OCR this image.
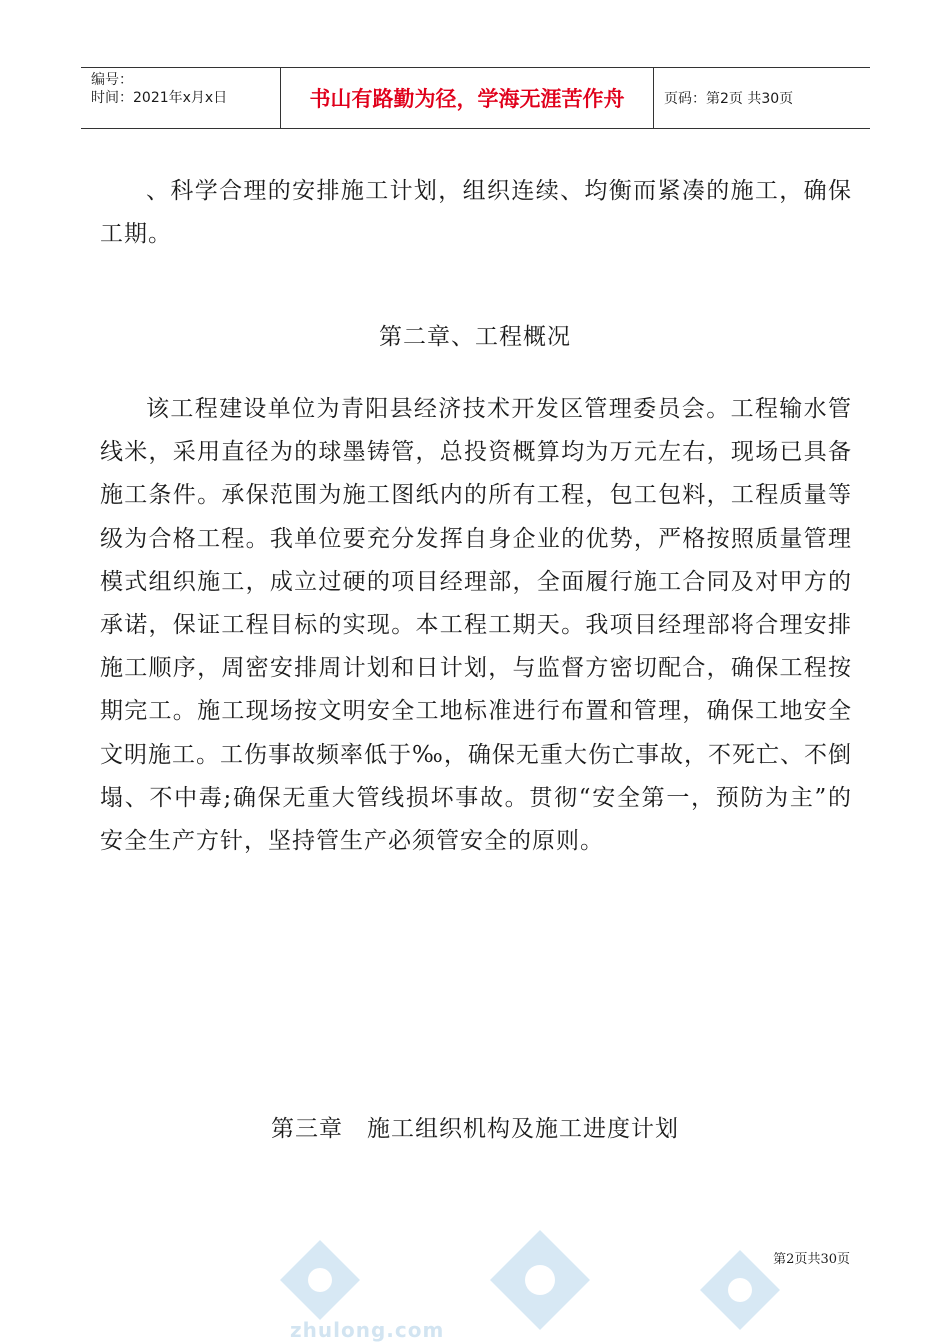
编号：
时间：2021年x月x日	书山有路勤为径，学海无涯苦作舟	页码：第2页 共30页
、科学合理的安排施工计划，组织连续、均衡而紧凑的施工，确保工期。
第二章、工程概况
该工程建设单位为青阳县经济技术开发区管理委员会。工程输水管线米，采用直径为的球墨铸管，总投资概算均为万元左右，现场已具备施工条件。承保范围为施工图纸内的所有工程，包工包料，工程质量等级为合格工程。我单位要充分发挥自身企业的优势，严格按照质量管理模式组织施工，成立过硬的项目经理部，全面履行施工合同及对甲方的承诺，保证工程目标的实现。本工程工期天。我项目经理部将合理安排施工顺序，周密安排周计划和日计划，与监督方密切配合，确保工程按期完工。施工现场按文明安全工地标准进行布置和管理，确保工地安全文明施工。工伤事故频率低于‰，确保无重大伤亡事故，不死亡、不倒塌、不中毒;确保无重大管线损坏事故。贯彻“安全第一，预防为主”的安全生产方针，坚持管生产必须管安全的原则。
第三章　施工组织机构及施工进度计划
第2页共30页
zhulong.com
